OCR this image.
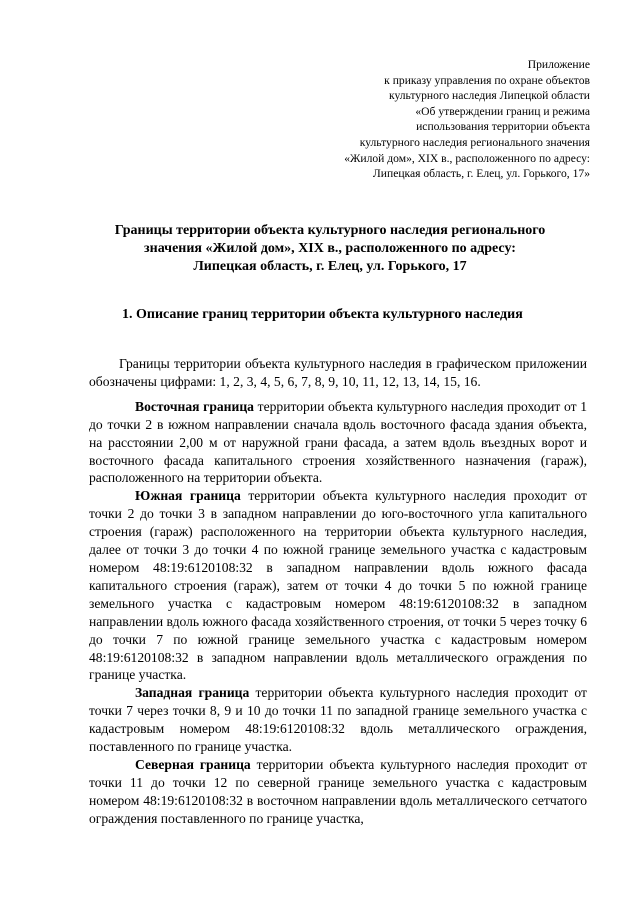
Приложение
к приказу управления по охране объектов
культурного наследия Липецкой области
«Об утверждении границ и режима
использования территории объекта
культурного наследия регионального значения
«Жилой дом», XIX в., расположенного по адресу:
Липецкая область, г. Елец, ул. Горького, 17»
Границы территории объекта культурного наследия регионального
значения «Жилой дом», XIX в., расположенного по адресу:
Липецкая область, г. Елец, ул. Горького, 17
1. Описание границ территории объекта культурного наследия

Границы территории объекта культурного наследия в графическом приложении обозначены цифрами: 1, 2, 3, 4, 5, 6, 7, 8, 9, 10, 11, 12, 13, 14, 15, 16.

Восточная граница территории объекта культурного наследия проходит от 1 до точки 2 в южном направлении сначала вдоль восточного фасада здания объекта, на расстоянии 2,00 м от наружной грани фасада, а затем вдоль въездных ворот и восточного фасада капитального строения хозяйственного назначения (гараж), расположенного на территории объекта.

Южная граница территории объекта культурного наследия проходит от точки 2 до точки 3 в западном направлении до юго-восточного угла капитального строения (гараж) расположенного на территории объекта культурного наследия, далее от точки 3 до точки 4 по южной границе земельного участка с кадастровым номером 48:19:6120108:32 в западном направлении вдоль южного фасада капитального строения (гараж), затем от точки 4 до точки 5 по южной границе земельного участка с кадастровым номером 48:19:6120108:32 в западном направлении вдоль южного фасада хозяйственного строения, от точки 5 через точку 6 до точки 7 по южной границе земельного участка с кадастровым номером 48:19:6120108:32 в западном направлении вдоль металлического ограждения по границе участка.

Западная граница территории объекта культурного наследия проходит от точки 7 через точки 8, 9 и 10 до точки 11 по западной границе земельного участка с кадастровым номером 48:19:6120108:32 вдоль металлического ограждения, поставленного по границе участка.

Северная граница территории объекта культурного наследия проходит от точки 11 до точки 12 по северной границе земельного участка с кадастровым номером 48:19:6120108:32 в восточном направлении вдоль металлического сетчатого ограждения поставленного по границе участка,
